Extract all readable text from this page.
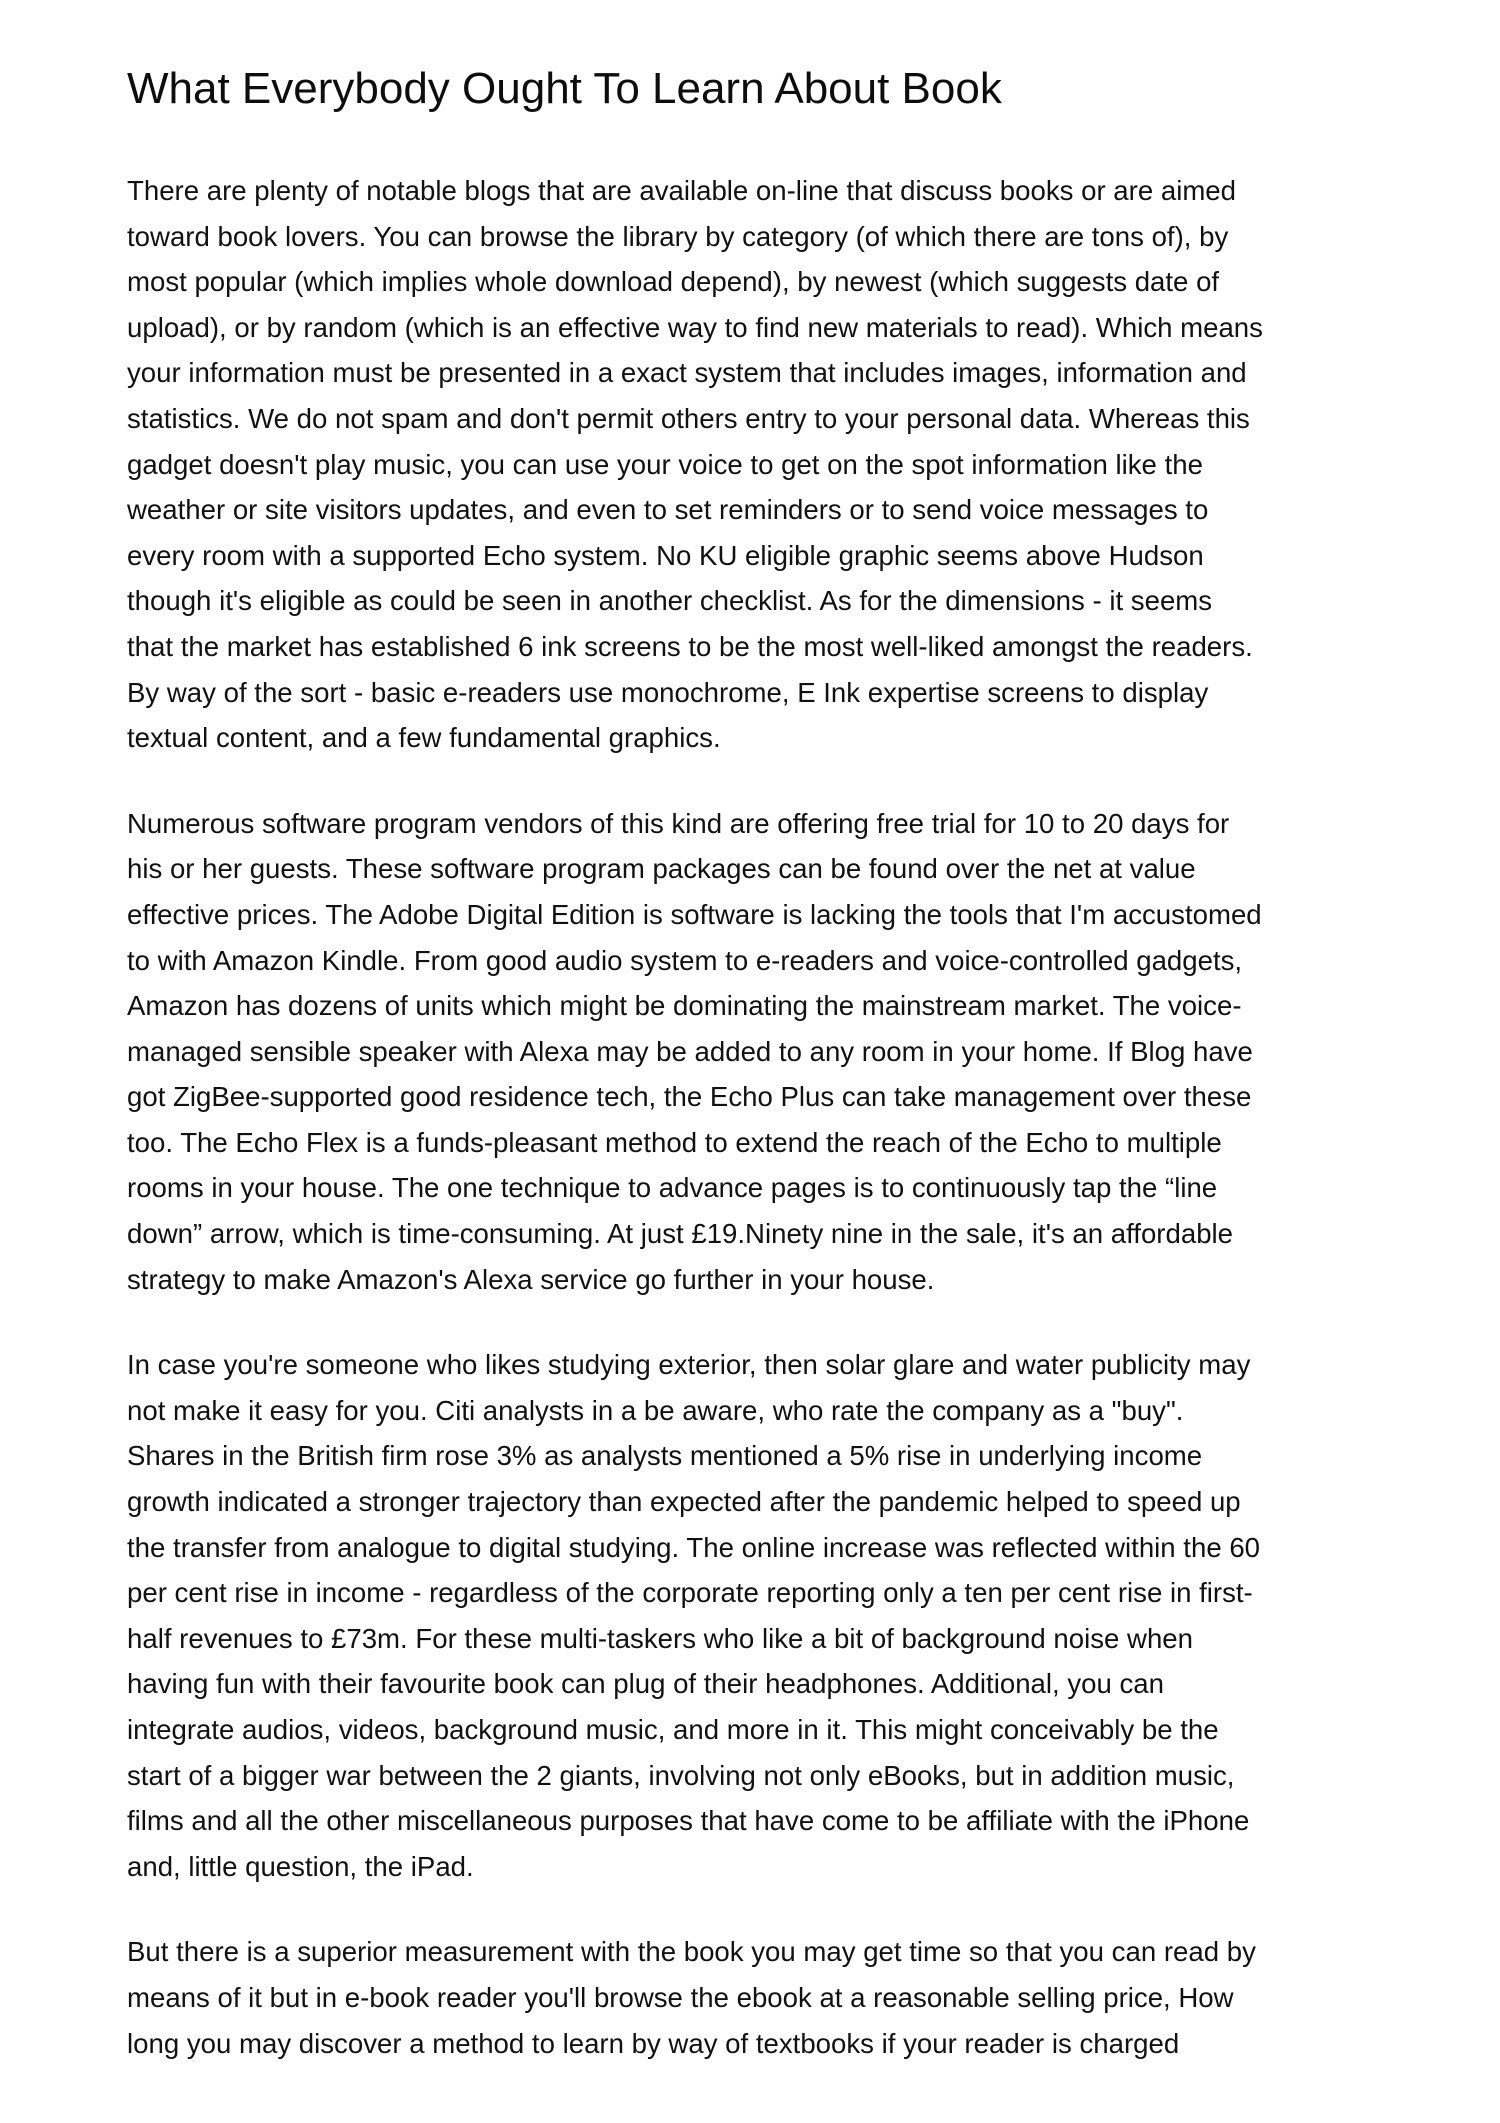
What Everybody Ought To Learn About Book

There are plenty of notable blogs that are available on-line that discuss books or are aimed
toward book lovers. You can browse the library by category (of which there are tons of), by
most popular (which implies whole download depend), by newest (which suggests date of
upload), or by random (which is an effective way to find new materials to read). Which means
your information must be presented in a exact system that includes images, information and
statistics. We do not spam and don't permit others entry to your personal data. Whereas this
gadget doesn't play music, you can use your voice to get on the spot information like the
weather or site visitors updates, and even to set reminders or to send voice messages to
every room with a supported Echo system. No KU eligible graphic seems above Hudson
though it's eligible as could be seen in another checklist. As for the dimensions - it seems
that the market has established 6 ink screens to be the most well-liked amongst the readers.
By way of the sort - basic e-readers use monochrome, E Ink expertise screens to display
textual content, and a few fundamental graphics.

Numerous software program vendors of this kind are offering free trial for 10 to 20 days for
his or her guests. These software program packages can be found over the net at value
effective prices. The Adobe Digital Edition is software is lacking the tools that I'm accustomed
to with Amazon Kindle. From good audio system to e-readers and voice-controlled gadgets,
Amazon has dozens of units which might be dominating the mainstream market. The voice-
managed sensible speaker with Alexa may be added to any room in your home. If Blog have
got ZigBee-supported good residence tech, the Echo Plus can take management over these
too. The Echo Flex is a funds-pleasant method to extend the reach of the Echo to multiple
rooms in your house. The one technique to advance pages is to continuously tap the “line
down” arrow, which is time-consuming. At just £19.Ninety nine in the sale, it's an affordable
strategy to make Amazon's Alexa service go further in your house.

In case you're someone who likes studying exterior, then solar glare and water publicity may
not make it easy for you. Citi analysts in a be aware, who rate the company as a "buy".
Shares in the British firm rose 3% as analysts mentioned a 5% rise in underlying income
growth indicated a stronger trajectory than expected after the pandemic helped to speed up
the transfer from analogue to digital studying. The online increase was reflected within the 60
per cent rise in income - regardless of the corporate reporting only a ten per cent rise in first-
half revenues to £73m. For these multi-taskers who like a bit of background noise when
having fun with their favourite book can plug of their headphones. Additional, you can
integrate audios, videos, background music, and more in it. This might conceivably be the
start of a bigger war between the 2 giants, involving not only eBooks, but in addition music,
films and all the other miscellaneous purposes that have come to be affiliate with the iPhone
and, little question, the iPad.

But there is a superior measurement with the book you may get time so that you can read by
means of it but in e-book reader you'll browse the ebook at a reasonable selling price, How
long you may discover a method to learn by way of textbooks if your reader is charged
